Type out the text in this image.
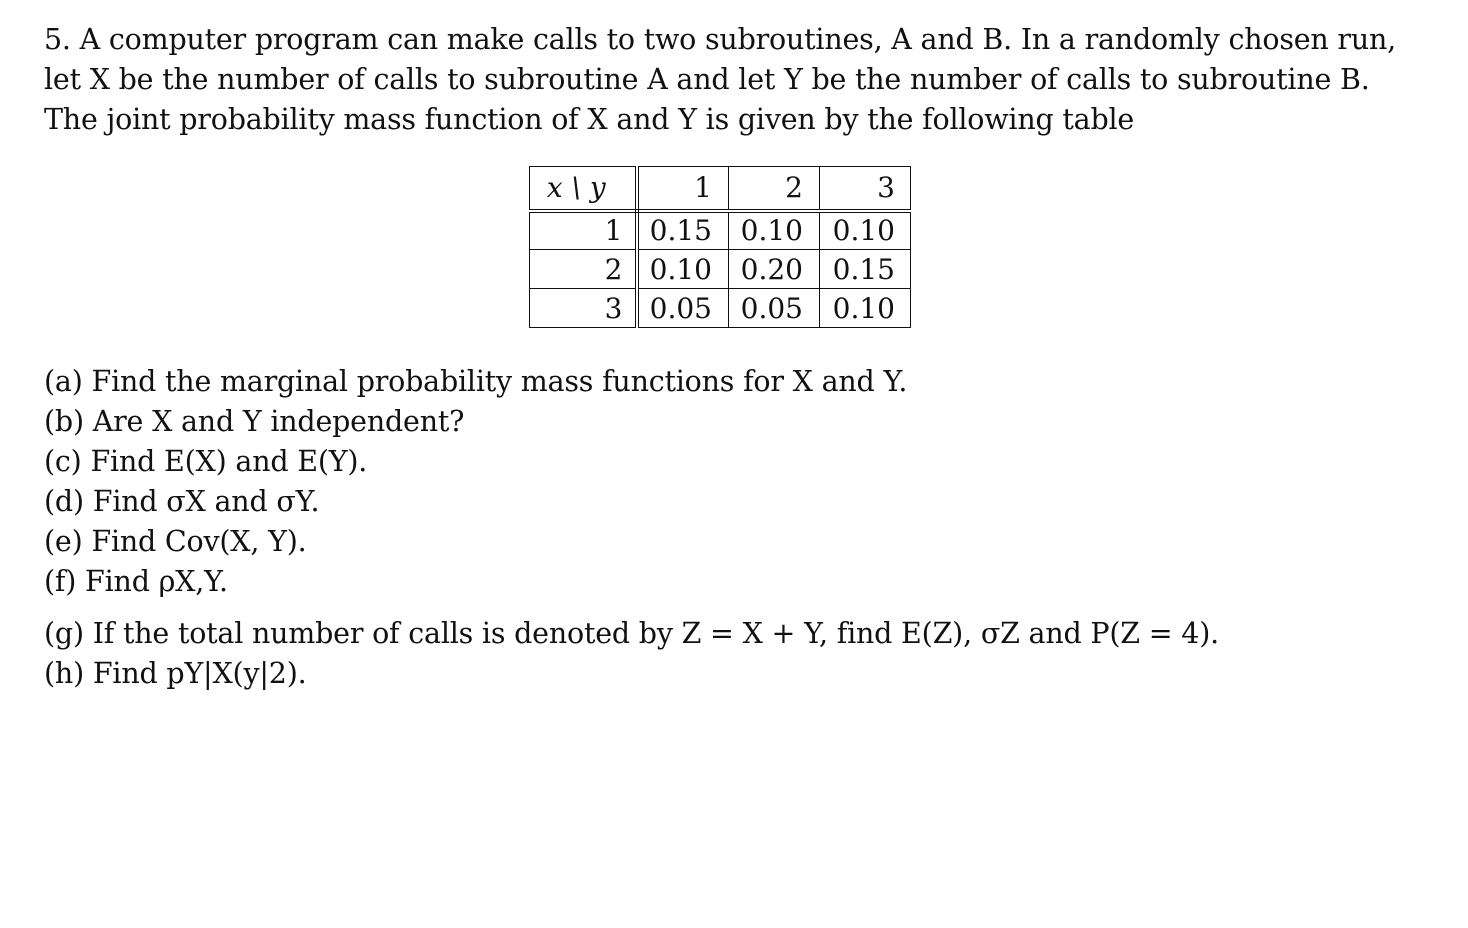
5. A computer program can make calls to two subroutines, A and B. In a randomly chosen run,
let X be the number of calls to subroutine A and let Y be the number of calls to subroutine B.
The joint probability mass function of X and Y is given by the following table
x \ y	1	2	3
1	0.15	0.10	0.10
2	0.10	0.20	0.15
3	0.05	0.05	0.10
(a) Find the marginal probability mass functions for X and Y.
(b) Are X and Y independent?
(c) Find E(X) and E(Y).
(d) Find σX and σY.
(e) Find Cov(X, Y).
(f) Find ρX,Y.
(g) If the total number of calls is denoted by Z = X + Y, find E(Z), σZ and P(Z = 4).
(h) Find pY|X(y|2).
